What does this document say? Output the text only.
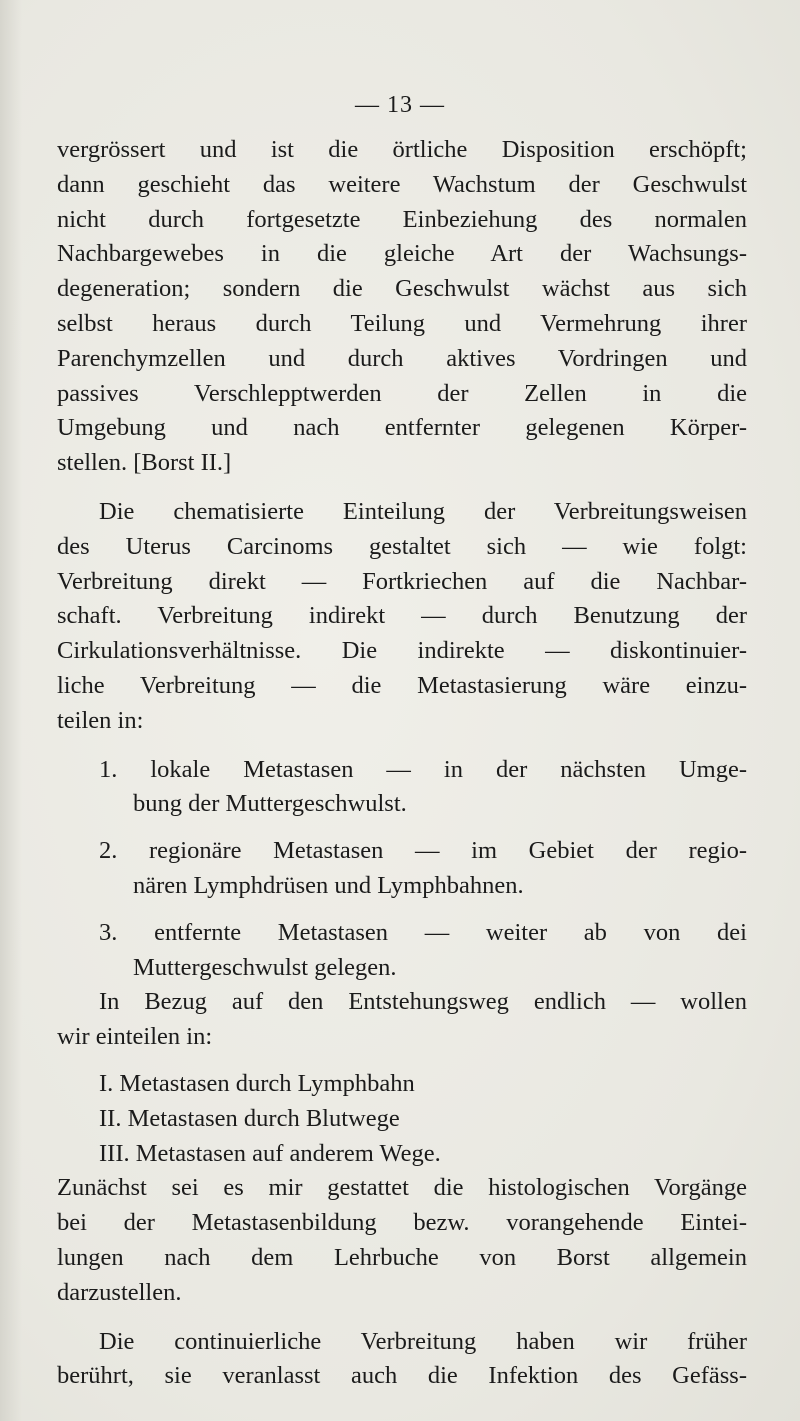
— 13 —
vergrössert und ist die örtliche Disposition erschöpft;
dann geschieht das weitere Wachstum der Geschwulst
nicht durch fortgesetzte Einbeziehung des normalen
Nachbargewebes in die gleiche Art der Wachsungs-
degeneration; sondern die Geschwulst wächst aus sich
selbst heraus durch Teilung und Vermehrung ihrer
Parenchymzellen und durch aktives Vordringen und
passives Verschlepptwerden der Zellen in die
Umgebung und nach entfernter gelegenen Körper-
stellen. [Borst II.]
Die chematisierte Einteilung der Verbreitungsweisen
des Uterus Carcinoms gestaltet sich — wie folgt:
Verbreitung direkt — Fortkriechen auf die Nachbar-
schaft. Verbreitung indirekt — durch Benutzung der
Cirkulationsverhältnisse. Die indirekte — diskontinuier-
liche Verbreitung — die Metastasierung wäre einzu-
teilen in:
1. lokale Metastasen — in der nächsten Umge-
bung der Muttergeschwulst.
2. regionäre Metastasen — im Gebiet der regio-
nären Lymphdrüsen und Lymphbahnen.
3. entfernte Metastasen — weiter ab von dei
Muttergeschwulst gelegen.
In Bezug auf den Entstehungsweg endlich — wollen
wir einteilen in:
I. Metastasen durch Lymphbahn
II. Metastasen durch Blutwege
III. Metastasen auf anderem Wege.
Zunächst sei es mir gestattet die histologischen Vorgänge
bei der Metastasenbildung bezw. vorangehende Eintei-
lungen nach dem Lehrbuche von Borst allgemein
darzustellen.
Die continuierliche Verbreitung haben wir früher
berührt, sie veranlasst auch die Infektion des Gefäss-
